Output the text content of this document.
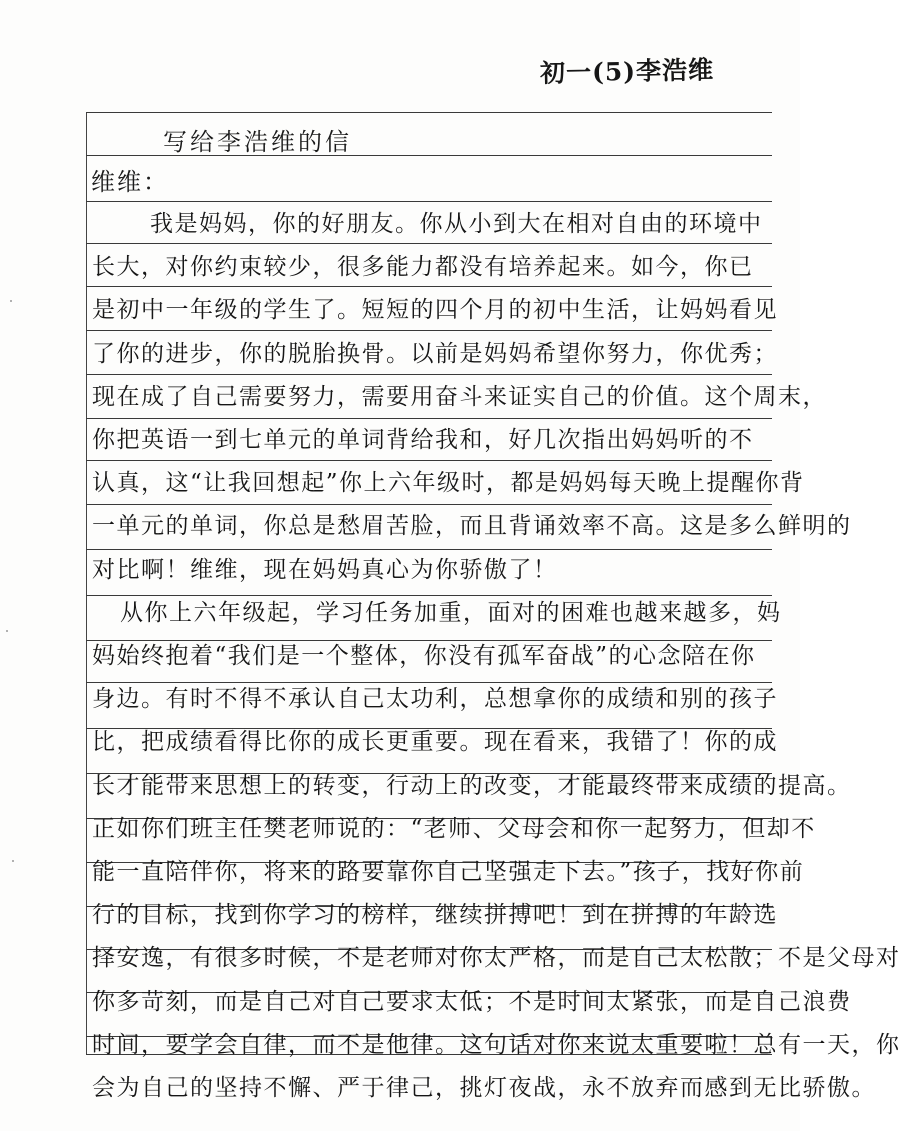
初一(5)李浩维
写给李浩维的信
维维：
我是妈妈，你的好朋友。你从小到大在相对自由的环境中
长大，对你约束较少，很多能力都没有培养起来。如今，你已
是初中一年级的学生了。短短的四个月的初中生活，让妈妈看见
了你的进步，你的脱胎换骨。以前是妈妈希望你努力，你优秀；
现在成了自己需要努力，需要用奋斗来证实自己的价值。这个周末，
你把英语一到七单元的单词背给我和，好几次指出妈妈听的不
认真，这“让我回想起”你上六年级时，都是妈妈每天晚上提醒你背
一单元的单词，你总是愁眉苦脸，而且背诵效率不高。这是多么鲜明的
对比啊！维维，现在妈妈真心为你骄傲了！
从你上六年级起，学习任务加重，面对的困难也越来越多，妈
妈始终抱着“我们是一个整体，你没有孤军奋战”的心念陪在你
身边。有时不得不承认自己太功利，总想拿你的成绩和别的孩子
比，把成绩看得比你的成长更重要。现在看来，我错了！你的成
长才能带来思想上的转变，行动上的改变，才能最终带来成绩的提高。
正如你们班主任樊老师说的：“老师、父母会和你一起努力，但却不
能一直陪伴你，将来的路要靠你自己坚强走下去。”孩子，找好你前
行的目标，找到你学习的榜样，继续拼搏吧！到在拼搏的年龄选
择安逸，有很多时候，不是老师对你太严格，而是自己太松散；不是父母对
你多苛刻，而是自己对自己要求太低；不是时间太紧张，而是自己浪费
时间，要学会自律，而不是他律。这句话对你来说太重要啦！总有一天，你
会为自己的坚持不懈、严于律己，挑灯夜战，永不放弃而感到无比骄傲。
